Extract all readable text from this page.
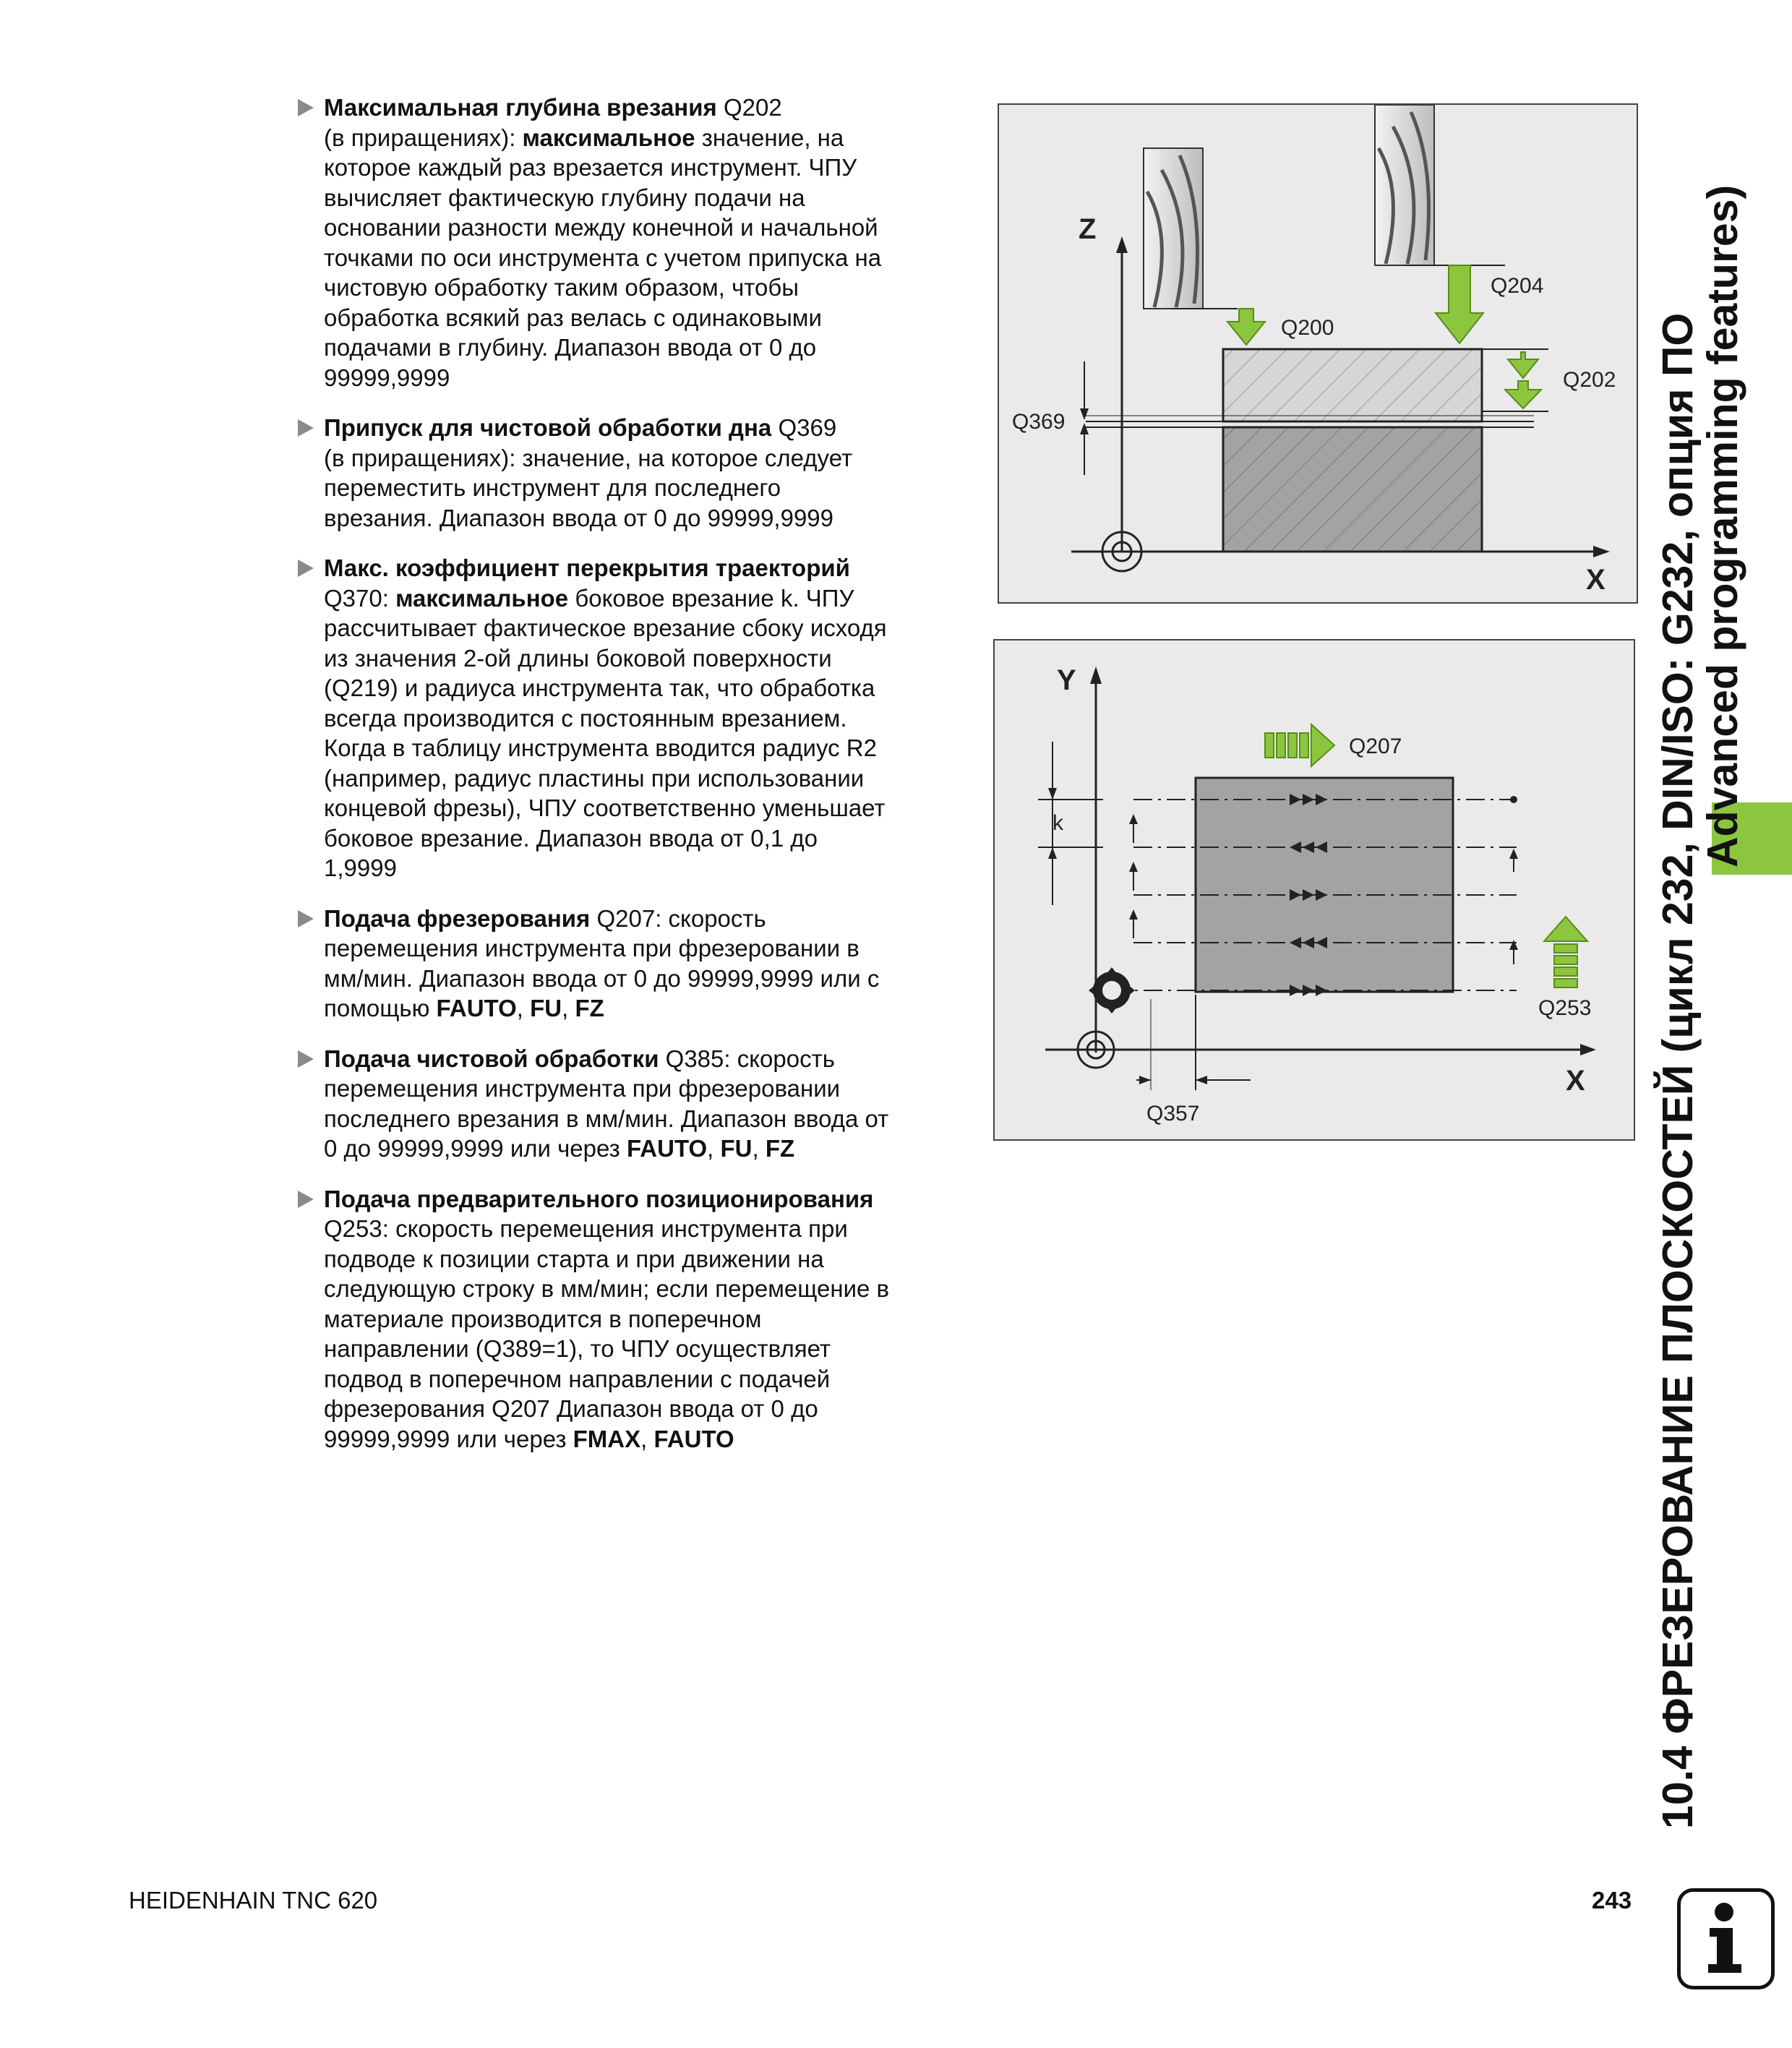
Максимальная глубина врезания Q202
(в приращениях): максимальное значение, на
которое каждый раз врезается инструмент. ЧПУ
вычисляет фактическую глубину подачи на
основании разности между конечной и начальной
точками по оси инструмента с учетом припуска на
чистовую обработку таким образом, чтобы
обработка всякий раз велась с одинаковыми
подачами в глубину. Диапазон ввода от 0 до
99999,9999

Припуск для чистовой обработки дна Q369
(в приращениях): значение, на которое следует
переместить инструмент для последнего
врезания. Диапазон ввода от 0 до 99999,9999

Макс. коэффициент перекрытия траекторий
Q370: максимальное боковое врезание k. ЧПУ
рассчитывает фактическое врезание сбоку исходя
из значения 2-ой длины боковой поверхности
(Q219) и радиуса инструмента так, что обработка
всегда производится с постоянным врезанием.
Когда в таблицу инструмента вводится радиус R2
(например, радиус пластины при использовании
концевой фрезы), ЧПУ соответственно уменьшает
боковое врезание. Диапазон ввода от 0,1 до
1,9999

Подача фрезерования Q207: скорость
перемещения инструмента при фрезеровании в
мм/мин. Диапазон ввода от 0 до 99999,9999 или с
помощью FAUTO, FU, FZ

Подача чистовой обработки Q385: скорость
перемещения инструмента при фрезеровании
последнего врезания в мм/мин. Диапазон ввода от
0 до 99999,9999 или через FAUTO, FU, FZ

Подача предварительного позиционирования
Q253: скорость перемещения инструмента при
подводе к позиции старта и при движении на
следующую строку в мм/мин; если перемещение в
материале производится в поперечном
направлении (Q389=1), то ЧПУ осуществляет
подвод в поперечном направлении с подачей
фрезерования Q207 Диапазон ввода от 0 до
99999,9999 или через FMAX, FAUTO

Z
X
Q204
Q200
Q202
Q369
Y
X
k
Q207
Q253
Q357	10.4 ФРЕЗЕРОВАНИЕ ПЛОСКОСТЕЙ (цикл 232, DIN/ISO: G232, опция ПО
Advanced programming features)
HEIDENHAIN TNC 620	243
